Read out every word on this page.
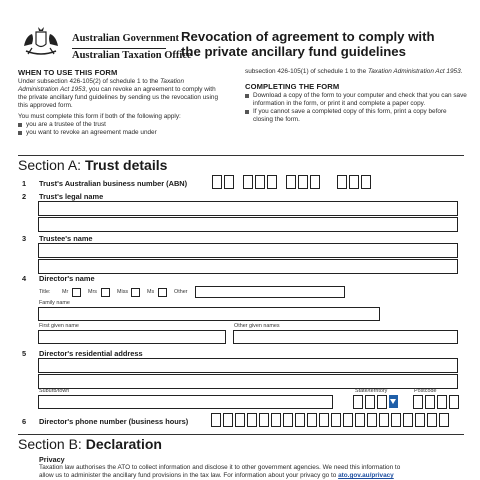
Australian Government
Australian Taxation Office
Revocation of agreement to comply with
the private ancillary fund guidelines
WHEN TO USE THIS FORM
Under subsection 426-105(2) of schedule 1 to the Taxation Administration Act 1953, you can revoke an agreement to comply with the private ancillary fund guidelines by sending us the revocation using this approved form.
You must complete this form if both of the following apply:
you are a trustee of the trust
you want to revoke an agreement made under
subsection 426-105(1) of schedule 1 to the Taxation Administration Act 1953.
COMPLETING THE FORM
Download a copy of the form to your computer and check that you can save information in the form, or print it and complete a paper copy.
If you cannot save a completed copy of this form, print a copy before closing the form.
Section A: Trust details
1 Trust's Australian business number (ABN)
2 Trust's legal name
3 Trustee's name
4 Director's name
Title: Mr	Mrs	Miss	Ms	Other
Family name
First given name	Other given names
5 Director's residential address
Suburb/town	State/territory	Postcode
6 Director's phone number (business hours)
Section B: Declaration
Privacy
Taxation law authorises the ATO to collect information and disclose it to other government agencies. We need this information to
allow us to administer the ancillary fund provisions in the tax law. For information about your privacy go to ato.gov.au/privacy
